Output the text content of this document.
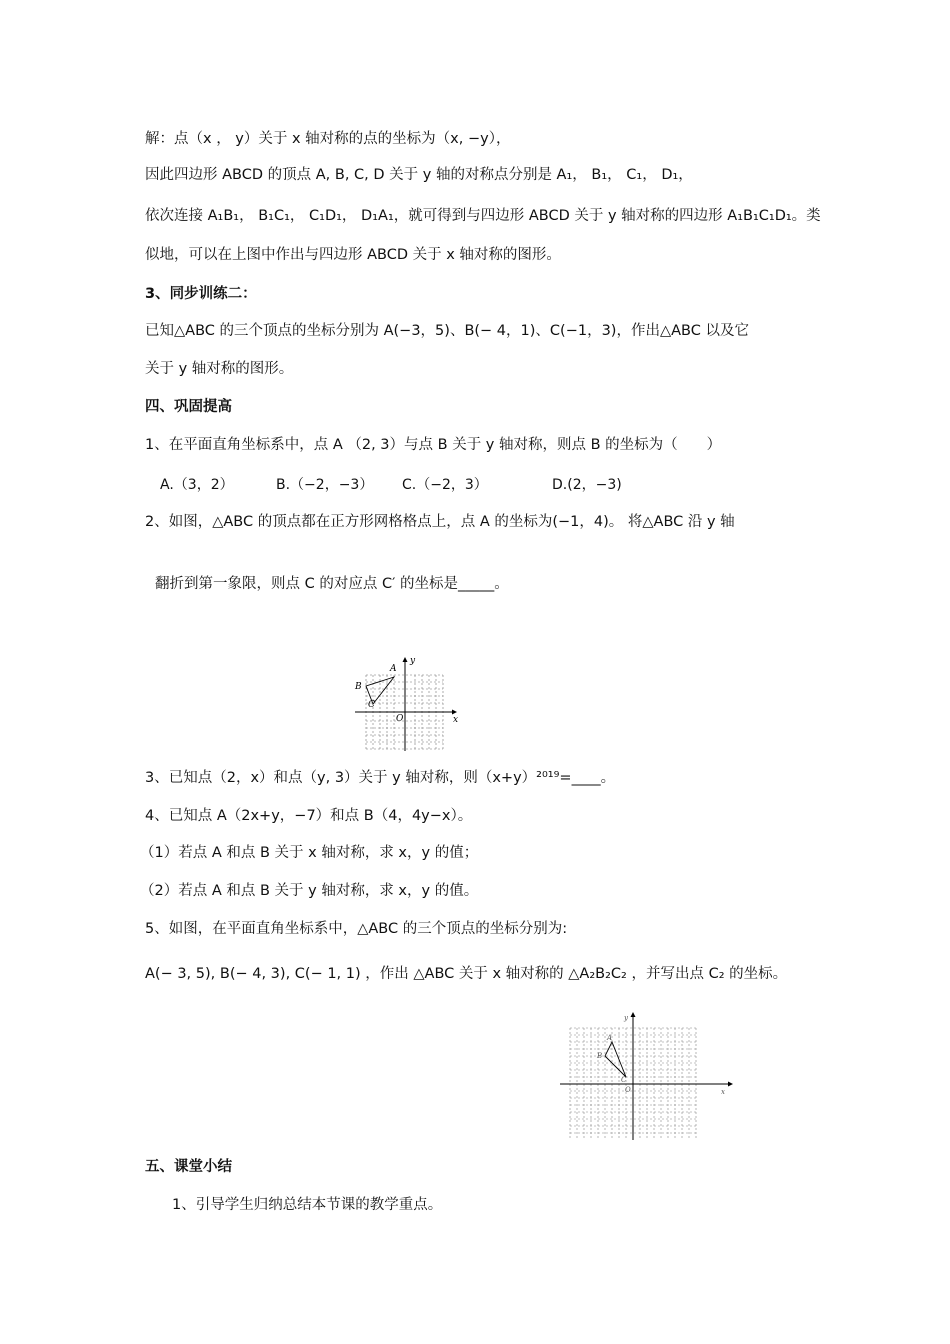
解：点（x ， y）关于 x 轴对称的点的坐标为（x, −y），
因此四边形 ABCD 的顶点 A, B, C, D 关于 y 轴的对称点分别是 A₁， B₁， C₁， D₁，
依次连接 A₁B₁， B₁C₁， C₁D₁， D₁A₁，就可得到与四边形 ABCD 关于 y 轴对称的四边形 A₁B₁C₁D₁。类
似地，可以在上图中作出与四边形 ABCD 关于 x 轴对称的图形。
3、同步训练二：
已知△ABC 的三个顶点的坐标分别为 A(−3，5)、B(− 4，1)、C(−1，3)，作出△ABC 以及它
关于 y 轴对称的图形。
四、巩固提高
1、在平面直角坐标系中，点 A （2, 3）与点 B 关于 y 轴对称，则点 B 的坐标为（　　）
A.（3，2）	B.（−2，−3） C.（−2，3）	D.(2，−3)
2、如图，△ABC 的顶点都在正方形网格格点上，点 A 的坐标为(−1，4)。 将△ABC 沿 y 轴
翻折到第一象限，则点 C 的对应点 C′ 的坐标是_____。
y
x
O
A
B
C
3、已知点（2，x）和点（y, 3）关于 y 轴对称，则（x+y）²⁰¹⁹=____。
4、已知点 A（2x+y，−7）和点 B（4，4y−x）。
（1）若点 A 和点 B 关于 x 轴对称，求 x，y 的值；
（2）若点 A 和点 B 关于 y 轴对称，求 x，y 的值。
5、如图，在平面直角坐标系中，△ABC 的三个顶点的坐标分别为:
A(− 3, 5), B(− 4, 3), C(− 1, 1) ，作出 △ABC 关于 x 轴对称的 △A₂B₂C₂ ，并写出点 C₂ 的坐标。
y
x
O
A
B
C
五、课堂小结
1、引导学生归纳总结本节课的教学重点。
